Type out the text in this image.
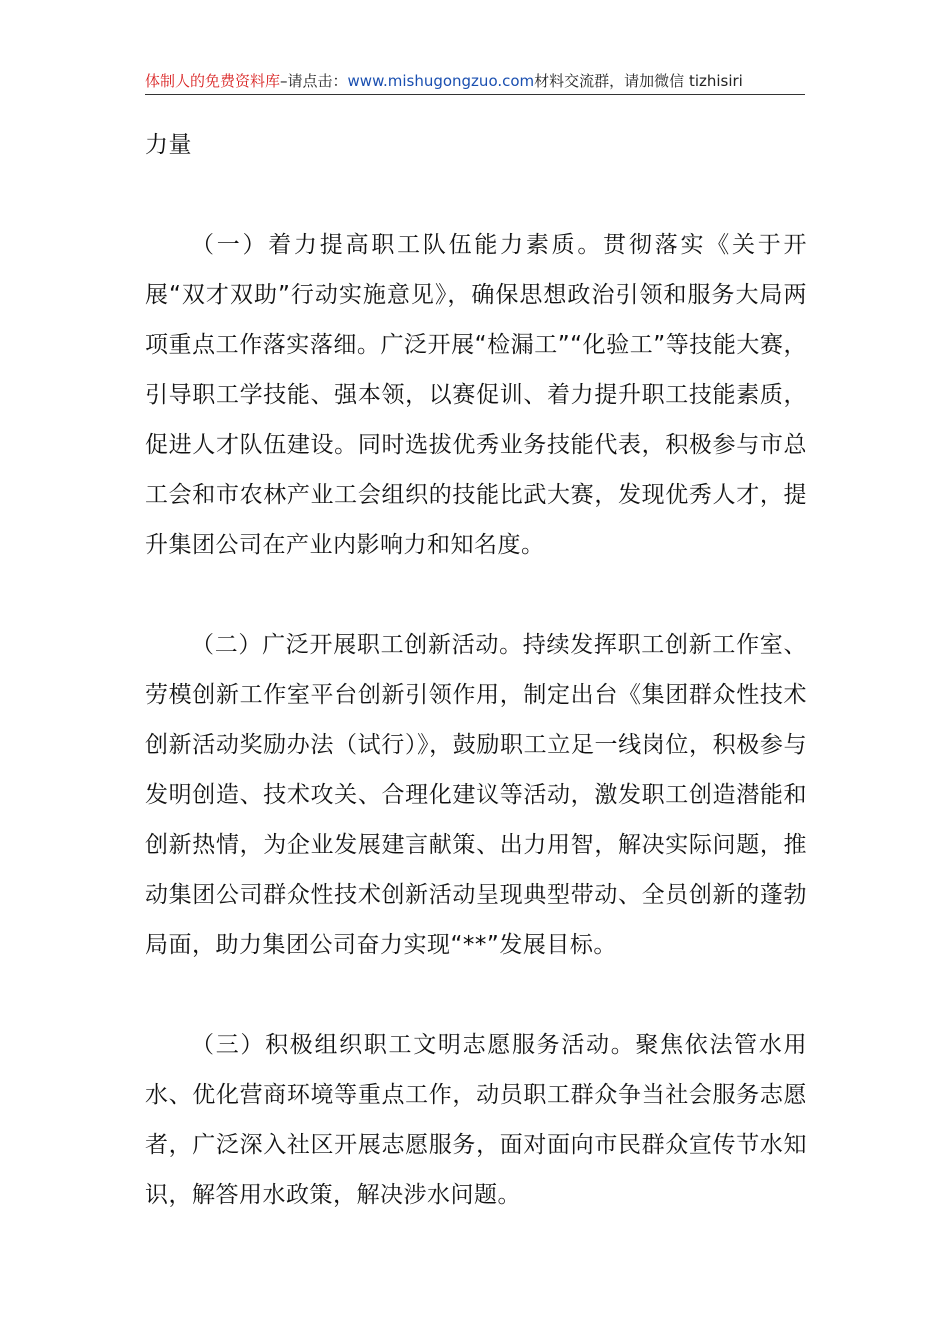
体制人的免费资料库–请点击：www.mishugongzuo.com材料交流群，请加微信 tizhisiri

力量

（一）着力提高职工队伍能力素质。贯彻落实《关于开展“双才双助”行动实施意见》，确保思想政治引领和服务大局两项重点工作落实落细。广泛开展“检漏工”“化验工”等技能大赛，引导职工学技能、强本领，以赛促训、着力提升职工技能素质，促进人才队伍建设。同时选拔优秀业务技能代表，积极参与市总工会和市农林产业工会组织的技能比武大赛，发现优秀人才，提升集团公司在产业内影响力和知名度。

（二）广泛开展职工创新活动。持续发挥职工创新工作室、劳模创新工作室平台创新引领作用，制定出台《集团群众性技术创新活动奖励办法（试行）》，鼓励职工立足一线岗位，积极参与发明创造、技术攻关、合理化建议等活动，激发职工创造潜能和创新热情，为企业发展建言献策、出力用智，解决实际问题，推动集团公司群众性技术创新活动呈现典型带动、全员创新的蓬勃局面，助力集团公司奋力实现“**”发展目标。

（三）积极组织职工文明志愿服务活动。聚焦依法管水用水、优化营商环境等重点工作，动员职工群众争当社会服务志愿者，广泛深入社区开展志愿服务，面对面向市民群众宣传节水知识，解答用水政策，解决涉水问题。
